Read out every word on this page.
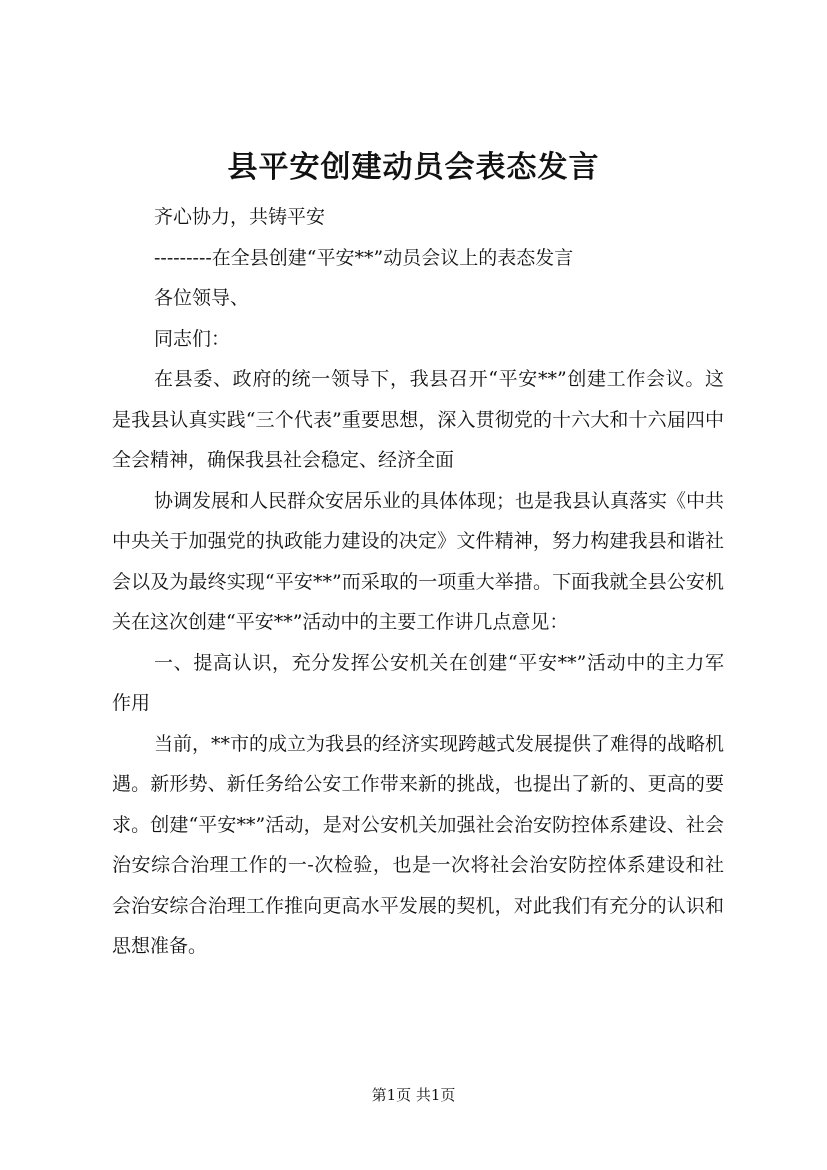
县平安创建动员会表态发言

齐心协力，共铸平安

---------在全县创建“平安**”动员会议上的表态发言

各位领导、

同志们：

在县委、政府的统一领导下，我县召开“平安**”创建工作会议。这是我县认真实践“三个代表”重要思想，深入贯彻党的十六大和十六届四中全会精神，确保我县社会稳定、经济全面

协调发展和人民群众安居乐业的具体体现；也是我县认真落实《中共中央关于加强党的执政能力建设的决定》文件精神，努力构建我县和谐社会以及为最终实现“平安**”而采取的一项重大举措。下面我就全县公安机关在这次创建“平安**”活动中的主要工作讲几点意见：

一、提高认识，充分发挥公安机关在创建“平安**”活动中的主力军作用

当前，**市的成立为我县的经济实现跨越式发展提供了难得的战略机遇。新形势、新任务给公安工作带来新的挑战，也提出了新的、更高的要求。创建“平安**”活动，是对公安机关加强社会治安防控体系建设、社会治安综合治理工作的一-次检验，也是一次将社会治安防控体系建设和社会治安综合治理工作推向更高水平发展的契机，对此我们有充分的认识和思想准备。

第1页 共1页
